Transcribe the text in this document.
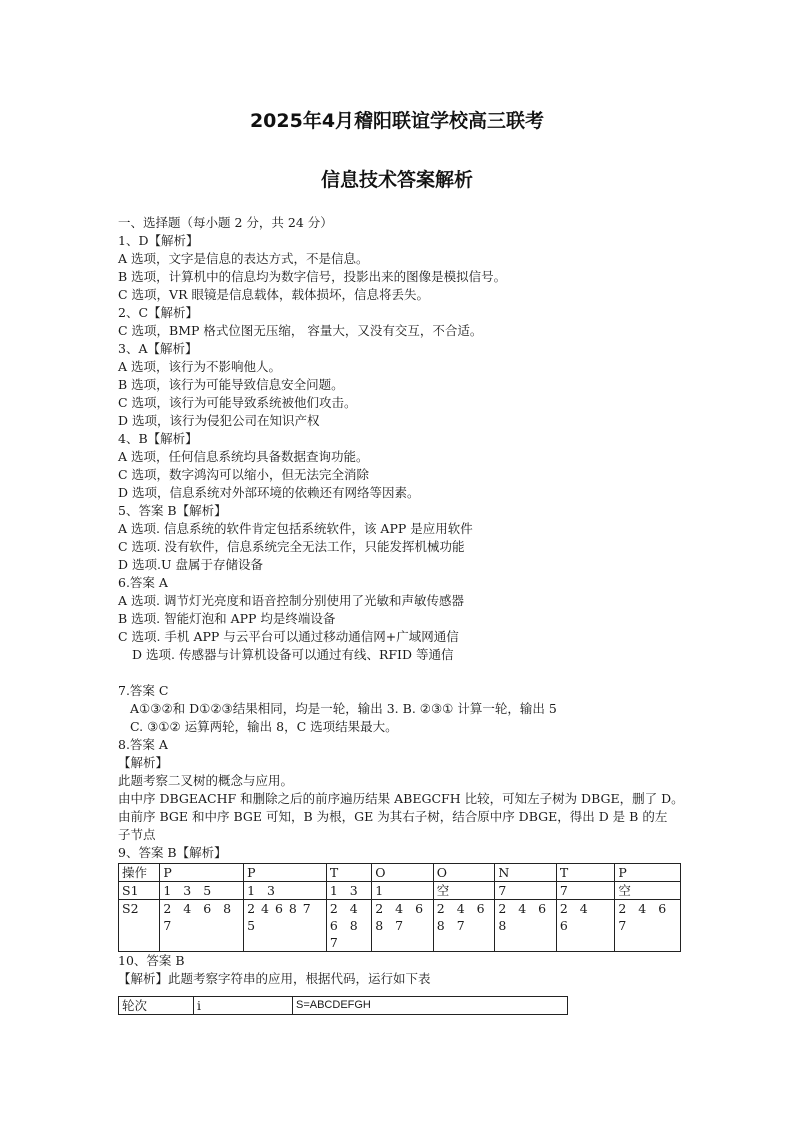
2025年4月稽阳联谊学校高三联考
信息技术答案解析
一、选择题（每小题 2 分，共 24 分）
1、D【解析】
A 选项，文字是信息的表达方式，不是信息。
B 选项，计算机中的信息均为数字信号，投影出来的图像是模拟信号。
C 选项，VR 眼镜是信息载体，载体损坏，信息将丢失。
2、C【解析】
C 选项，BMP 格式位图无压缩， 容量大，又没有交互，不合适。
3、A【解析】
A 选项，该行为不影响他人。
B 选项，该行为可能导致信息安全问题。
C 选项，该行为可能导致系统被他们攻击。
D 选项，该行为侵犯公司在知识产权
4、B【解析】
A 选项，任何信息系统均具备数据查询功能。
C 选项，数字鸿沟可以缩小，但无法完全消除
D 选项，信息系统对外部环境的依赖还有网络等因素。
5、答案 B【解析】
A 选项. 信息系统的软件肯定包括系统软件，该 APP 是应用软件
C 选项. 没有软件，信息系统完全无法工作，只能发挥机械功能
D 选项.U 盘属于存储设备
6.答案 A
A 选项. 调节灯光亮度和语音控制分别使用了光敏和声敏传感器
B 选项. 智能灯泡和 APP 均是终端设备
C 选项. 手机 APP 与云平台可以通过移动通信网+广域网通信
D 选项. 传感器与计算机设备可以通过有线、RFID 等通信
7.答案 C
A①③②和 D①②③结果相同，均是一轮，输出 3. B. ②③① 计算一轮，输出 5
C. ③①② 运算两轮，输出 8，C 选项结果最大。
8.答案 A
【解析】
此题考察二叉树的概念与应用。
由中序 DBGEACHF 和删除之后的前序遍历结果 ABEGCFH 比较，可知左子树为 DBGE，删了 D。
由前序 BGE 和中序 BGE 可知，B 为根，GE 为其右子树，结合原中序 DBGE，得出 D 是 B 的左子节点
9、答案 B【解析】
操作	P	P	T	O	O	N	T	P
S1	1 3 5	1 3	1 3	1	空	7	7	空
S2	2 4 6 8 7	2 4 6 8 7 5	2 4 6 8 7	2 4 6 8 7	2 4 6 8 7	2 4 6 8	2 4 6	2 4 6 7
10、答案 B
【解析】此题考察字符串的应用，根据代码，运行如下表
轮次	i	S=ABCDEFGH
